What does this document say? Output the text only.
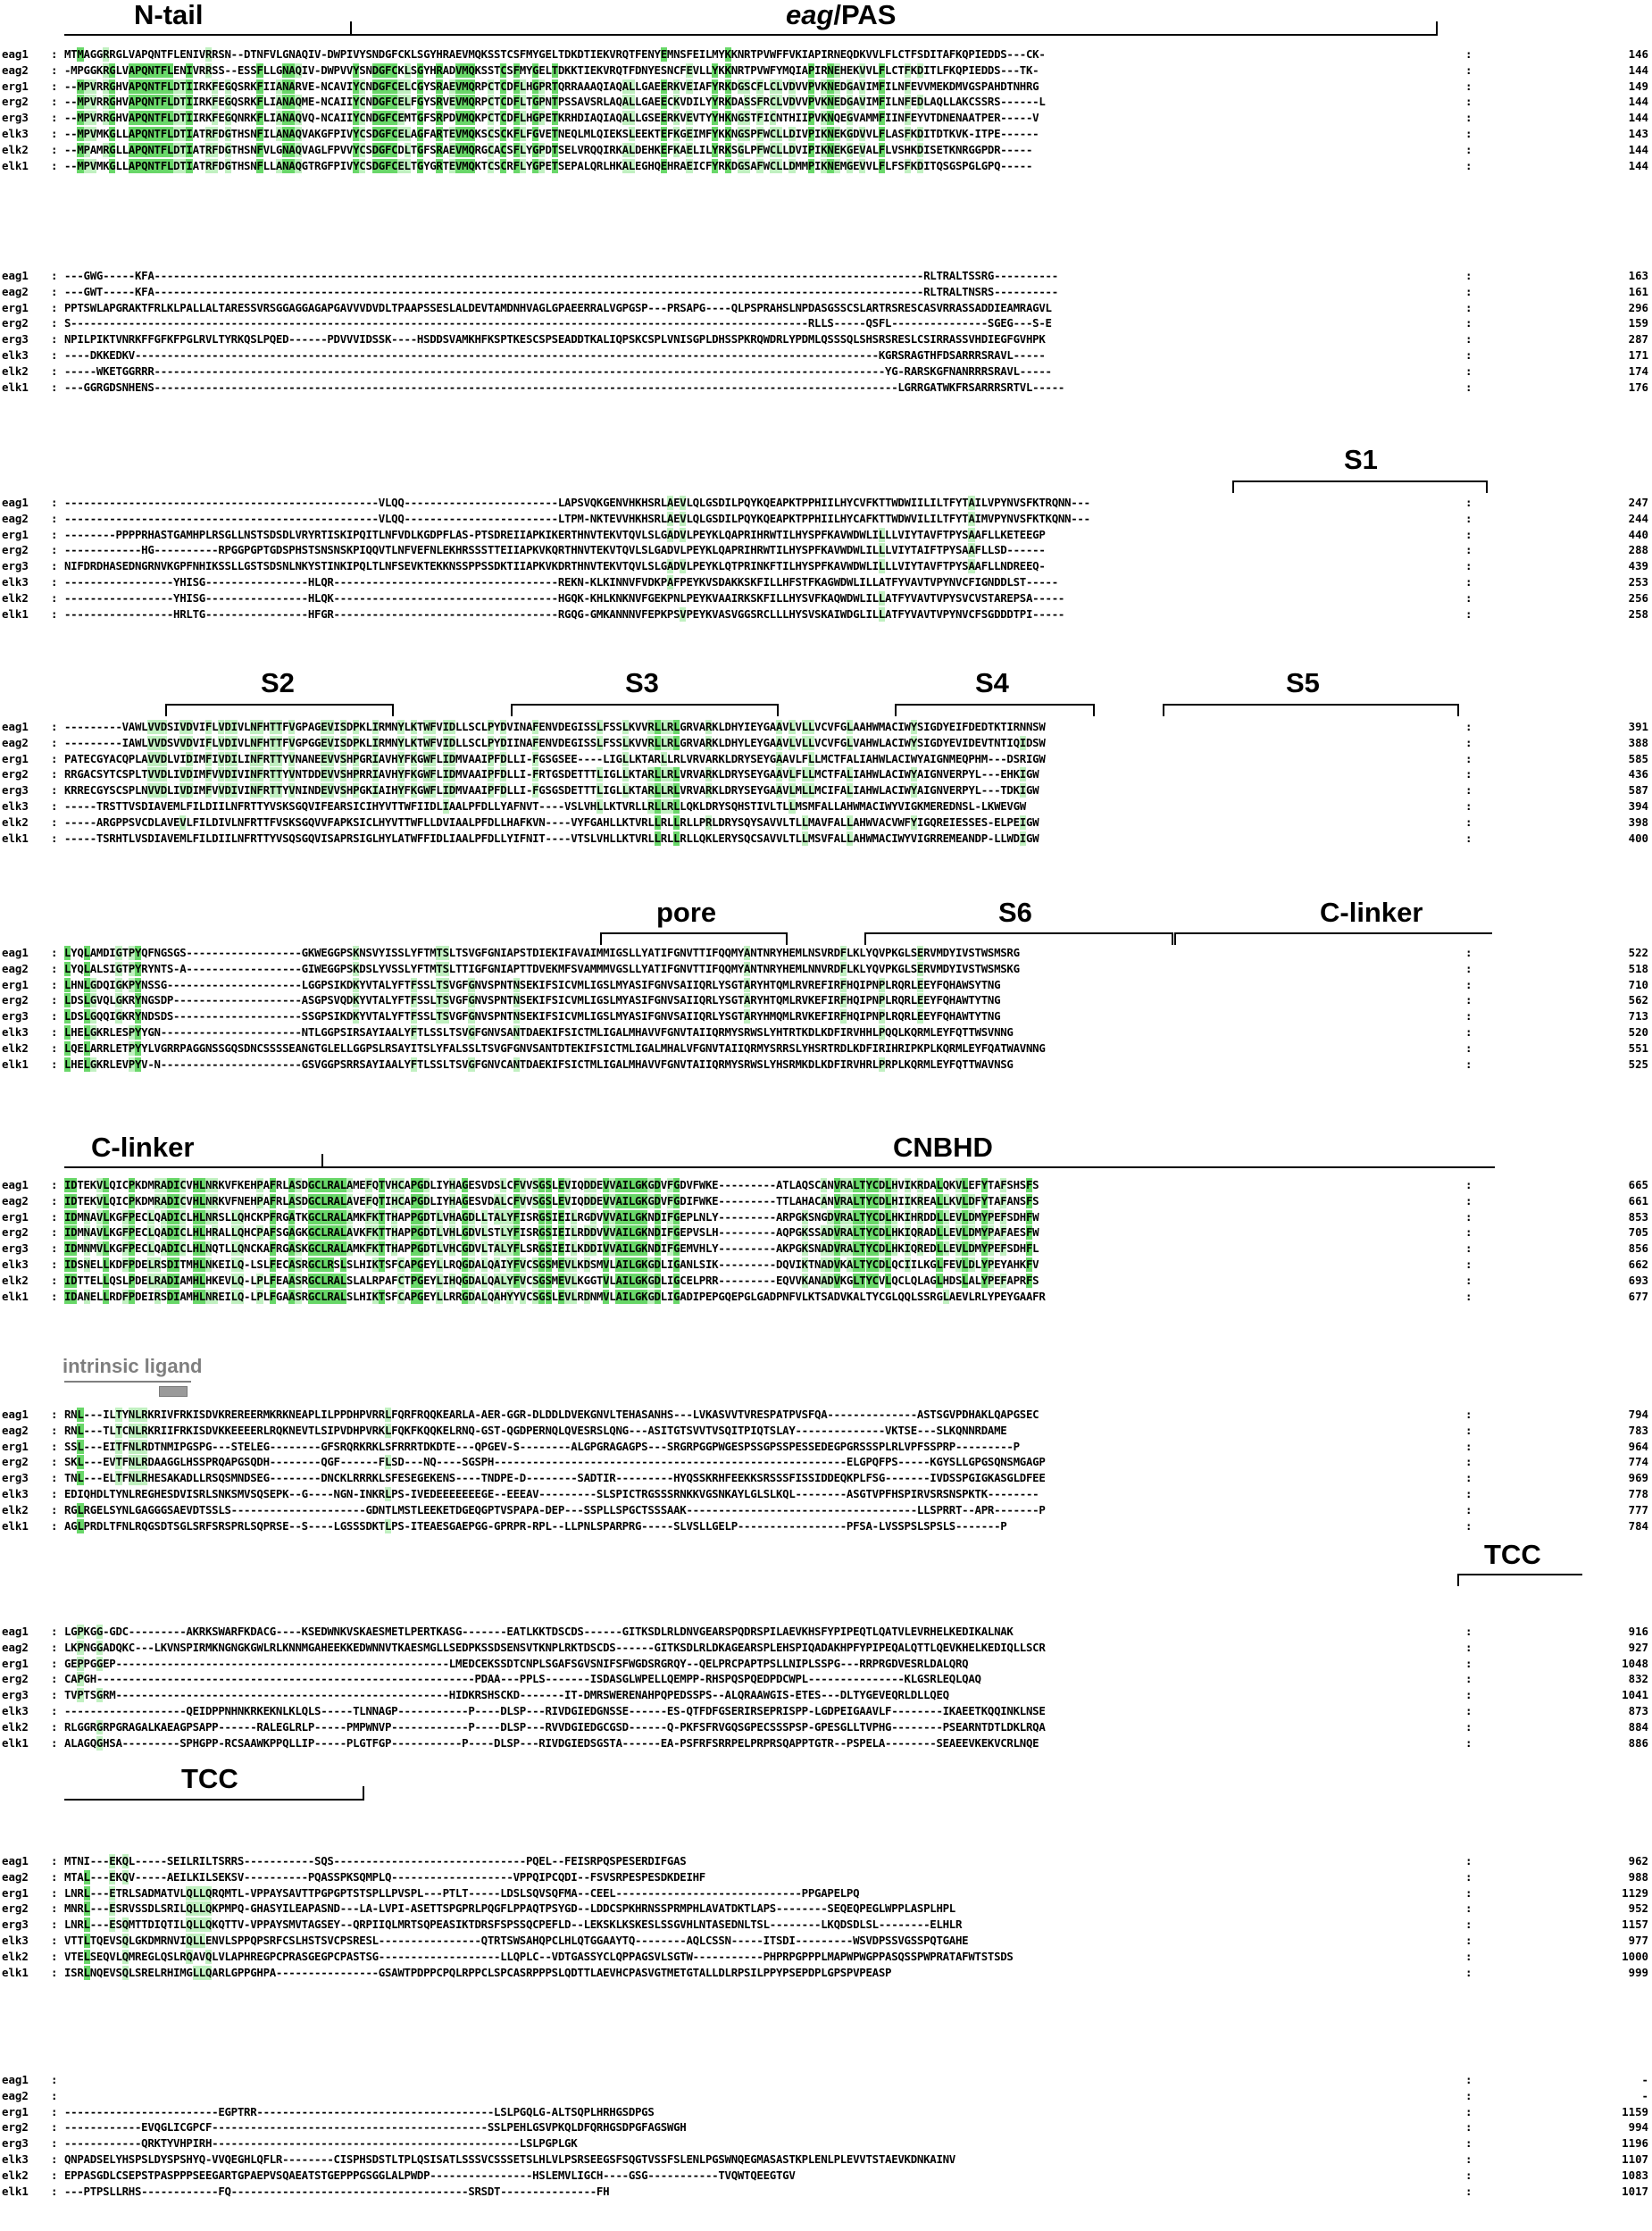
N-tail	eag/PAS
S1
S2	S3	S4	S5
pore	S6	C-linker
C-linker	CNBHD
intrinsic ligand
TCC
TCC
eag1 : MTMAGGRRGLVAPQNTFLENIVRRSN--DTNFVLGNAQIV-DWPIVYSNDGFCKLSGYHRAEVMQKSSTCSFMYGELTDKDTIEKVRQTFENYEMNSFEILMYKKNRTPVWFFVKIAPIRNEQDKVVLFLCTFSDITAFKQPIEDDS---CK-	:	146
eag2 : -MPGGKRGLVAPQNTFLENIVRRSS--ESSFLLGNAQIV-DWPVVYSNDGFCKLSGYHRADVMQKSSTCSFMYGELTDKKTIEKVRQTFDNYESNCFEVLLYKKNRTPVWFYMQIAPIRNEHEKVVLFLCTFKDITLFKQPIEDDS---TK-	:	144
erg1 : --MPVRRGHVAPQNTFLDTIIRKFEGQSRKFIIANARVE-NCAVIYCNDGFCELCGYSRAEVMQRPCTCDFLHGPRTQRRAAAQIAQALLGAEERKVEIAFYRKDGSCFLCLVDVVPVKNEDGAVIMFILNFEVVMEKDMVGSPAHDTNHRG	:	149
erg2 : --MPVRRGHVAPQNTFLDTIIRKFEGQSRKFLIANAQME-NCAIIYCNDGFCELFGYSRVEVMQRPCTCDFLTGPNTPSSAVSRLAQALLGAEECKVDILYYRKDASSFRCLVDVVPVKNEDGAVIMFILNFEDLAQLLAKCSSRS------L	:	144
erg3 : --MPVRRGHVAPQNTFLDTIIRKFEGQNRKFLIANAQVQ-NCAIIYCNDGFCEMTGFSRPDVMQKPCTCDFLHGPETKRHDIAQIAQALLGSEERKVEVTYYHKNGSTFICNTHIIPVKNQEGVAMMFIINFEYVTDNENAATPER-----V	:	144
elk3 : --MPVMKGLLAPQNTFLDTIATRFDGTHSNFILANAQVAKGFPIVYCSDGFCELAGFARTEVMQKSCSCKFLFGVETNEQLMLQIEKSLEEKTEFKGEIMFYKKNGSPFWCLLDIVPIKNEKGDVVLFLASFKDITDTKVK-ITPE------	:	143
elk2 : --MPAMRGLLAPQNTFLDTIATRFDGTHSNFVLGNAQVAGLFPVVYCSDGFCDLTGFSRAEVMQRGCACSFLYGPDTSELVRQQIRKALDEHKEFKAELILYRKSGLPFWCLLDVIPIKNEKGEVALFLVSHKDISETKNRGGPDR-----	:	144
elk1 : --MPVMKGLLAPQNTFLDTIATRFDGTHSNFLLANAQGTRGFPIVYCSDGFCELTGYGRTEVMQKTCSCRFLYGPETSEPALQRLHKALEGHQEHRAEICFYRKDGSAFWCLLDMMPIKNEMGEVVLFLFSFKDITQSGSPGLGPQ-----	:	144
eag1 : ---GWG-----KFA------------------------------------------------------------------------------------------------------------------------RLTRALTSSRG----------	:	163
eag2 : ---GWT-----KFA------------------------------------------------------------------------------------------------------------------------RLTRALTNSRS----------	:	161
erg1 : PPTSWLAPGRAKTFRLKLPALLALTARESSVRSGGAGGAGAPGAVVVDVDLTPAAPSSESLALDEVTAMDNHVAGLGPAEERRALVGPGSP---PRSAPG----QLPSPRAHSLNPDASGSSCSLARTRSRESCASVRRASSADDIEAMRAGVL	:	296
erg2 : S-------------------------------------------------------------------------------------------------------------------RLLS-----QSFL---------------SGEG---S-E	:	159
erg3 : NPILPIKTVNRKFFGFKFPGLRVLTYRKQSLPQED------PDVVVIDSSK----HSDDSVAMKHFKSPTKESCSPSEADDTKALIQPSKCSPLVNISGPLDHSSPKRQWDRLYPDMLQSSSQLSHSRSRESLCSIRRASSVHDIEGFGVHPK	:	287
elk3 : ----DKKEDKV--------------------------------------------------------------------------------------------------------------------KGRSRAGTHFDSARRRSRAVL-----	:	171
elk2 : -----WKETGGRRR------------------------------------------------------------------------------------------------------------------YG-RARSKGFNANRRRSRAVL-----	:	174
elk1 : ---GGRGDSNHENS--------------------------------------------------------------------------------------------------------------------LGRRGATWKFRSARRRSRTVL-----	:	176
eag1 : -------------------------------------------------VLQQ------------------------LAPSVQKGENVHKHSRLAEVLQLGSDILPQYKQEAPKTPPHIILHYCVFKTTWDWIILILTFYTAILVPYNVSFKTRQNN---	:	247
eag2 : -------------------------------------------------VLQQ------------------------LTPM-NKTEVVHKHSRLAEVLQLGSDILPQYKQEAPKTPPHIILHYCAFKTTWDWVILILTFYTAIMVPYNVSFKTKQNN---	:	244
erg1 : --------PPPPRHASTGAMHPLRSGLLNSTSDSDLVRYRTISKIPQITLNFVDLKGDPFLAS-PTSDREIIAPKIKERTHNVTEKVTQVLSLGADVLPEYKLQAPRIHRWTILHYSPFKAVWDWLILLLVIYTAVFTPYSAAFLLKETEEGP	:	440
erg2 : ------------HG----------RPGGPGPTGDSPHSTSNSNSKPIQQVTLNFVEFNLEKHRSSSTTEIIAPKVKQRTHNVTEKVTQVLSLGADVLPEYKLQAPRIHRWTILHYSPFKAVWDWLILLLVIYTAIFTPYSAAFLLSD------	:	288
erg3 : NIFDRDHASEDNGRNVKGPFNHIKSSLLGSTSDSNLNKYSTINKIPQLTLNFSEVKTEKKNSSPPSSDKTIIAPKVKDRTHNVTEKVTQVLSLGADVLPEYKLQTPRINKFTILHYSPFKAVWDWLILLLVIYTAVFTPYSAAFLLNDREEQ-	:	439
elk3 : -----------------YHISG----------------HLQR-----------------------------------REKN-KLKINNVFVDKPAFPEYKVSDAKKSKFILLHFSTFKAGWDWLILLATFYVAVTVPYNVCFIGNDDLST-----	:	253
elk2 : -----------------YHISG----------------HLQK-----------------------------------HGQK-KHLKNKNVFGEKPNLPEYKVAAIRKSKFILLHYSVFKAQWDWLILLATFYVAVTVPYSVCVSTAREPSA-----	:	256
elk1 : -----------------HRLTG----------------HFGR-----------------------------------RGQG-GMKANNNVFEPKPSVPEYKVASVGGSRCLLLHYSVSKAIWDGLILLATFYVAVTVPYNVCFSGDDDTPI-----	:	258
eag1 : ---------VAWLVVDSIVDVIFLVDIVLNFHTTFVGPAGEVISDPKLIRMNYLKTWFVIDLLSCLPYDVINAFENVDEGISSLFSSLKVVRLLRLGRVARKLDHYIEYGAAVLVLLVCVFGLAAHWMACIWYSIGDYEIFDEDTKTIRNNSW	:	391
eag2 : ---------IAWLVVDSVVDVIFLVDIVLNFHTTFVGPGGEVISDPKLIRMNYLKTWFVIDLLSCLPYDIINAFENVDEGISSLFSSLKVVRLLRLGRVARKLDHYLEYGAAVLVLLVCVFGLVAHWLACIWYSIGDYEVIDEVTNTIQIDSW	:	388
erg1 : PATECGYACQPLAVVDLVIDIMFIVDILINFRTTYVNANEEVVSHPGRIAVHYFKGWFLIDMVAAIPFDLLI-FGSGSEE----LIGLLKTARLLRLVRVARKLDRYSEYGAAVLFLLMCTFALIAHWLACIWYAIGNMEQPHM---DSRIGW	:	585
erg2 : RRGACSYTCSPLTVVDLIVDIMFVVDIVINFRTTYVNTDDEVVSHPRRIAVHYFKGWFLIDMVAAIPFDLLI-FRTGSDETTTLIGLLKTARLLRLVRVARKLDRYSEYGAAVLFLLMCTFALIAHWLACIWYAIGNVERPYL---EHKIGW	:	436
erg3 : KRRECGYSCSPLNVVDLIVDIMFVVDIVINFRTTYVNINDEVVSHPGKIAIHYFKGWFLIDMVAAIPFDLLI-FGSGSDETTTLIGLLKTARLLRLVRVARKLDRYSEYGAAVLMLLMCIFALIAHWLACIWYAIGNVERPYL---TDKIGW	:	587
elk3 : -----TRSTTVSDIAVEMLFILDIILNFRTTYVSKSGQVIFEARSICIHYVTTWFIIDLIAALPFDLLYAFNVT----VSLVHLLKTVRLLRLLRLLQKLDRYSQHSTIVLTLLMSMFALLAHWMACIWYVIGKMEREDNSL-LKWEVGW	:	394
elk2 : -----ARGPPSVCDLAVEVLFILDIVLNFRTTFVSKSGQVVFAPKSICLHYVTTWFLLDVIAALPFDLLHAFKVN----VYFGAHLLKTVRLLRLLRLLPRLDRYSQYSAVVLTLLMAVFALLAHWVACVWFYIGQREIESSES-ELPEIGW	:	398
elk1 : -----TSRHTLVSDIAVEMLFILDIILNFRTTYVSQSGQVISAPRSIGLHYLATWFFIDLIAALPFDLLYIFNIT----VTSLVHLLKTVRLLRLLRLLQKLERYSQCSAVVLTLLMSVFALLAHWMACIWYVIGRREMEANDP-LLWDIGW	:	400
eag1 : LYQLAMDIGTPYQFNGSGS------------------GKWEGGPSKNSVYISSLYFTMTSLTSVGFGNIAPSTDIEKIFAVAIMMIGSLLYATIFGNVTTIFQQMYANTNRYHEMLNSVRDFLKLYQVPKGLSERVMDYIVSTWSMSRG	:	522
eag2 : LYQLALSIGTPYRYNTS-A------------------GIWEGGPSKDSLYVSSLYFTMTSLTTIGFGNIAPTTDVEKMFSVAMMMVGSLLYATIFGNVTTIFQQMYANTNRYHEMLNNVRDFLKLYQVPKGLSERVMDYIVSTWSMSKG	:	518
erg1 : LHNLGDQIGKPYNSSG---------------------LGGPSIKDKYVTALYFTFSSLTSVGFGNVSPNTNSEKIFSICVMLIGSLMYASIFGNVSAIIQRLYSGTARYHTQMLRVREFIRFHQIPNPLRQRLEEYFQHAWSYTNG	:	710
erg2 : LDSLGVQLGKRYNGSDP--------------------ASGPSVQDKYVTALYFTFSSLTSVGFGNVSPNTNSEKIFSICVMLIGSLMYASIFGNVSAIIQRLYSGTARYHTQMLRVKEFIRFHQIPNPLRQRLEEYFQHAWTYTNG	:	562
erg3 : LDSLGQQIGKRYNDSDS--------------------SSGPSIKDKYVTALYFTFSSLTSVGFGNVSPNTNSEKIFSICVMLIGSLMYASIFGNVSAIIQRLYSGTARYHMQMLRVKEFIRFHQIPNPLRQRLEEYFQHAWTYTNG	:	713
elk3 : LHELGKRLESPYYGN----------------------NTLGGPSIRSAYIAALYFTLSSLTSVGFGNVSANTDAEKIFSICTMLIGALMHAVVFGNVTAIIQRMYSRWSLYHTRTKDLKDFIRVHHLPQQLKQRMLEYFQTTWSVNNG	:	520
elk2 : LQELARRLETPYYLVGRRPAGGNSSGQSDNCSSSSEANGTGLELLGGPSLRSAYITSLYFALSSLTSVGFGNVSANTDTEKIFSICTMLIGALMHALVFGNVTAIIQRMYSRRSLYHSRTRDLKDFIRIHRIPKPLKQRMLEYFQATWAVNNG	:	551
elk1 : LHELGKRLEVPYV-N----------------------GSVGGPSRRSAYIAALYFTLSSLTSVGFGNVCANTDAEKIFSICTMLIGALMHAVVFGNVTAIIQRMYSRWSLYHSRMKDLKDFIRVHRLPRPLKQRMLEYFQTTWAVNSG	:	525
eag1 : IDTEKVLQICPKDMRADICVHLNRKVFKEHPAFRLASDGCLRALAMEFQTVHCAPGDLIYHAGESVDSLCFVVSGSLEVIQDDEVVAILGKGDVFGDVFWKE---------ATLAQSCANVRALTYCDLHVIKRDALQKVLEFYTAFSHSFS	:	665
eag2 : IDTEKVLQICPKDMRADICVHLNRKVFNEHPAFRLASDGCLRALAVEFQTIHCAPGDLIYHAGESVDALCFVVSGSLEVIQDDEVVAILGKGDVFGDIFWKE---------TTLAHACANVRALTYCDLHIIKREALLKVLDFYTAFANSFS	:	661
erg1 : IDMNAVLKGFPECLQADICLHLNRSLLQHCKPFRGATKGCLRALAMKFKTTHAPPGDTLVHAGDLLTALYFISRGSIEILRGDVVVAILGKNDIFGEPLNLY---------ARPGKSNGDVRALTYCDLHKIHRDDLLEVLDMYPEFSDHFW	:	853
erg2 : IDMNAVLKGFPECLQADICLHLHRALLQHCPAFSGAGKGCLRALAVKFKTTHAPPGDTLVHLGDVLSTLYFISRGSIEILRDDVVVAILGKNDIFGEPVSLH---------AQPGKSSADVRALTYCDLHKIQRADLLEVLDMYPAFAESFW	:	705
erg3 : IDMNMVLKGFPECLQADICLHLNQTLLQNCKAFRGASKGCLRALAMKFKTTHAPPGDTLVHCGDVLTALYFLSRGSIEILKDDIVVAILGKNDIFGEMVHLY---------AKPGKSNADVRALTYCDLHKIQREDLLEVLDMYPEFSDHFL	:	856
elk3 : IDSNELLKDFPDELRSDITMHLNKEILQ-LSLFECASRGCLRSLSLHIKTSFCAPGEYLLRQGDALQAIYFVCSGSMEVLKDSMVLAILGKGDLIGANLSIK---------DQVIKTNADVKALTYCDLQCIILKGLFEVLDLYPEYAHKFV	:	662
elk2 : IDTTELLQSLPDELRADIAMHLHKEVLQ-LPLFEAASRGCLRALSLALRPAFCTPGEYLIHQGDALQALYFVCSGSMEVLKGGTVLAILGKGDLIGCELPRR---------EQVVKANADVKGLTYCVLQCLQLAGLHDSLALYPEFAPRFS	:	693
elk1 : IDANELLRDFPDEIRSDIAMHLNREILQ-LPLFGAASRGCLRALSLHIKTSFCAPGEYLLRRGDALQAHYYVCSGSLEVLRDNMVLAILGKGDLIGADIPEPGQEPGLGADPNFVLKTSADVKALTYCGLQQLSSRGLAEVLRLYPEYGAAFR	:	677
eag1 : RNL---ILTYNLRKRIVFRKISDVKREREERMKRKNEAPLILPPDHPVRRLFQRFRQQKEARLA-AER-GGR-DLDDLDVEKGNVLTEHASANHS---LVKASVVTVRESPATPVSFQA--------------ASTSGVPDHAKLQAPGSEC	:	794
eag2 : RNL---TLTCNLRKRIIFRKISDVKKEEEERLRQKNEVTLSIPVDHPVRKLFQKFKQQKELRNQ-GST-QGDPERNQLQVESRSLQNG---ASITGTSVVTVSQITPIQTSLAY--------------VKTSE---SLKQNNRDAME	:	783
erg1 : SSL---EITFNLRDTNMIPGSPG---STELEG--------GFSRQRKRKLSFRRRTDKDTE---QPGEV-S--------ALGPGRAGAGPS---SRGRPGGPWGESPSSGPSSPESSEDEGPGRSSSPLRLVPFSSPRP---------P	:	964
erg2 : SKL---EVTFNLRDAAGGLHSSPRQAPGSQDH--------QGF------FLSD---NQ----SGSPH-------------------------------------------------------ELGPQFPS-----KGYSLLGPGSQNSMGAGP	:	774
erg3 : TNL---ELTFNLRHESAKADLLRSQSMNDSEG--------DNCKLRRRKLSFESEGEKENS----TNDPE-D--------SADTIR---------HYQSSKRHFEEKKSRSSSFISSIDDEQKPLFSG-------IVDSSPGIGKASGLDFEE	:	969
elk3 : EDIQHDLTYNLREGHESDVISRLSNKSMVSQSEPK--G----NGN-INKRLPS-IVEDEEEEEEEGE--EEEAV---------SLSPICTRGSSSRNKKVGSNKAYLGLSLKQL--------ASGTVPFHSPIRVSRSNSPKTK--------	:	778
elk2 : RGLRGELSYNLGAGGGSAEVDTSSLS---------------------GDNTLMSTLEEKETDGEQGPTVSPAPA-DEP---SSPLLSPGCTSSSAAK------------------------------------LLSPRRT--APR-------P	:	777
elk1 : AGLPRDLTFNLRQGSDTSGLSRFSRSPRLSQPRSE--S----LGSSSDKTLPS-ITEAESGAEPGG-GPRPR-RPL--LLPNLSPARPRG-----SLVSLLGELP-----------------PFSA-LVSSPSLSPSLS-------P	:	784
eag1 : LGPKGG-GDC---------AKRKSWARFKDACG----KSEDWNKVSKAESMETLPERTKASG-------EATLKKTDSCDS------GITKSDLRLDNVGEARSPQDRSPILAEVKHSFYPIPEQTLQATVLEVRHELKEDIKALNAK	:	916
eag2 : LKPNGGADQKC---LKVNSPIRMKNGNGKGWLRLKNNMGAHEEKKEDWNNVTKAESMGLLSEDPKSSDSENSVTKNPLRKTDSCDS------GITKSDLRLDKAGEARSPLEHSPIQADAKHPFYPIPEQALQTTLQEVKHELKEDIQLLSCR	:	927
erg1 : GEPPGGEP----------------------------------------------------LMEDCEKSSDTCNPLSGAFSGVSNIFSFWGDSRGRQY--QELPRCPAPTPSLLNIPLSSPG---RRPRGDVESRLDALQRQ	:	1048
erg2 : CAPGH-----------------------------------------------------------PDAA---PPLS-------ISDASGLWPELLQEMPP-RHSPQSPQEDPDCWPL---------------KLGSRLEQLQAQ	:	832
erg3 : TVPTSGRM----------------------------------------------------HIDKRSHSCKD-------IT-DMRSWERENAHPQPEDSSPS--ALQRAAWGIS-ETES---DLTYGEVEQRLDLLQEQ	:	1041
elk3 : -------------------QEIDPPNHNKRKEKNLKLQLS-----TLNNAGP-----------P----DLSP---RIVDGIEDGNSSE------ES-QTFDFGSERIRSEPRISPP-LGDPEIGAAVLF--------IKAEETKQQINKLNSE	:	873
elk2 : RLGGRGRPGRAGALKAEAGPSAPP------RALEGLRLP-----PMPWNVP------------P----DLSP---RVVDGIEDGCGSD------Q-PKFSFRVGQSGPECSSSPSP-GPESGLLTVPHG--------PSEARNTDTLDKLRQA	:	884
elk1 : ALAGQGHSA---------SPHGPP-RCSAAWKPPQLLIP-----PLGTFGP-----------P----DLSP---RIVDGIEDSGSTA------EA-PSFRFSRRPELPRPRSQAPPTGTR--PSPELA--------SEAEEVKEKVCRLNQE	:	886
eag1 : MTNI---EKQL-----SEILRILTSRRS-----------SQS------------------------------PQEL--FEISRPQSPESERDIFGAS	:	962
eag2 : MTAL---EKQV-----AEILKILSEKSV----------PQASSPKSQMPLQ-------------------VPPQIPCQDI--FSVSRPESPESDKDEIHF	:	988
erg1 : LNRL---ETRLSADMATVLQLLQRQMTL-VPPAYSAVTTPGPGPTSTSPLLPVSPL---PTLT-----LDSLSQVSQFMA--CEEL-----------------------------PPGAPELPQ	:	1129
erg2 : MNRL---ESRVSSDLSRILQLLQKPMPQ-GHASYILEAPASND---LA-LVPI-ASETTSPGPRLPQGFLPPAQTPSYGD--LDDCSPKHRNSSPRMPHLAVATDKTLAPS--------SEQEQPEGLWPPLASPLHPL	:	952
erg3 : LNRL---ESQMTTDIQTILQLLQKQTTV-VPPAYSMVTAGSEY--QRPIIQLMRTSQPEASIKTDRSFSPSSQCPEFLD--LEKSKLKSKESLSSGVHLNTASEDNLTSL--------LKQDSDLSL--------ELHLR	:	1157
elk3 : VTTLTQEVSQLGKDMRNVIQLLENVLSPPQPSRFCSLHSTSVCPSRESL----------------QTRTSWSAHQPCLHLQTGGAAYTQ--------AQLCSSN-----ITSDI---------WSVDPSSVGSSPQTGAHE	:	977
elk2 : VTELSEQVLQMREGLQSLRQAVQLVLAPHREGPCPRASGEGPCPASTSG-------------------LLQPLC--VDTGASSYCLQPPAGSVLSGTW-----------PHPRPGPPPLMAPWPWGPPASQSSPWPRATAFWTSTSDS	:	1000
elk1 : ISRLNQEVSQLSRELRHIMGLLQARLGPPGHPA----------------GSAWTPDPPCPQLRPPCLSPCASRPPPSLQDTTLAEVHCPASVGTMETGTALLDLRPSILPPYPSEPDPLGPSPVPEASP	:	999
eag1 :	:	-
eag2 :	:	-
erg1 : ------------------------EGPTRR-------------------------------------LSLPGQLG-ALTSQPLHRHGSDPGS	:	1159
erg2 : ------------EVQGLICGPCF-------------------------------------------SSLPEHLGSVPKQLDFQRHGSDPGFAGSWGH	:	994
erg3 : ------------QRKTYVHPIRH------------------------------------------------LSLPGPLGK	:	1196
elk3 : QNPADSELYHSPSLDYSPSHYQ-VVQEGHLQFLR--------CISPHSDSTLTPLQSISATLSSSVCSSSETSLHLVLPSRSEEGSFSQGTVSSFSLENLPGSWNQEGMASASTKPLENLPLEVVTSTAEVKDNKAINV	:	1107
elk2 : EPPASGDLCSEPSTPASPPPSEEGARTGPAEPVSQAEATSTGEPPPGSGGLALPWDP----------------HSLEMVLIGCH----GSG-----------TVQWTQEEGTGV	:	1083
elk1 : ---PTPSLLRHS------------FQ-------------------------------------SRSDT---------------FH	:	1017
